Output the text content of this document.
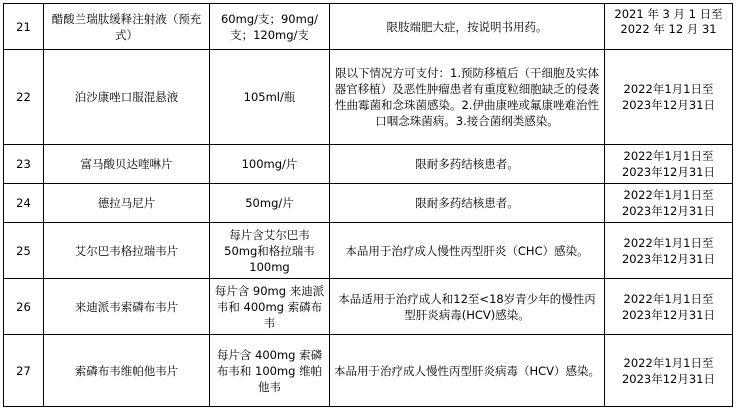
21	醋酸兰瑞肽缓释注射液（预充式）	60mg/支；90mg/支；120mg/支	限肢端肥大症，按说明书用药。	2021 年 3 月 1 日至
2022 年 12 月 31

22	泊沙康唑口服混悬液	105ml/瓶	限以下情况方可支付：1.预防移植后（干细胞及实体器官移植）及恶性肿瘤患者有重度粒细胞缺乏的侵袭性曲霉菌和念珠菌感染。2.伊曲康唑或氟康唑难治性口咽念珠菌病。3.接合菌纲类感染。	2022年1月1日至
2023年12月31日

23	富马酸贝达喹啉片	100mg/片	限耐多药结核患者。	2022年1月1日至
2023年12月31日

24	德拉马尼片	50mg/片	限耐多药结核患者。	2022年1月1日至
2023年12月31日

25	艾尔巴韦格拉瑞韦片	每片含艾尔巴韦50mg和格拉瑞韦100mg	本品用于治疗成人慢性丙型肝炎（CHC）感染。	2022年1月1日至
2023年12月31日

26	来迪派韦索磷布韦片	每片含 90mg 来迪派韦和 400mg 索磷布韦	本品适用于治疗成人和12至<18岁青少年的慢性丙型肝炎病毒(HCV)感染。	2022年1月1日至
2023年12月31日

27	索磷布韦维帕他韦片	每片含 400mg 索磷布韦和 100mg 维帕他韦	本品用于治疗成人慢性丙型肝炎病毒（HCV）感染。	2022年1月1日至
2023年12月31日
